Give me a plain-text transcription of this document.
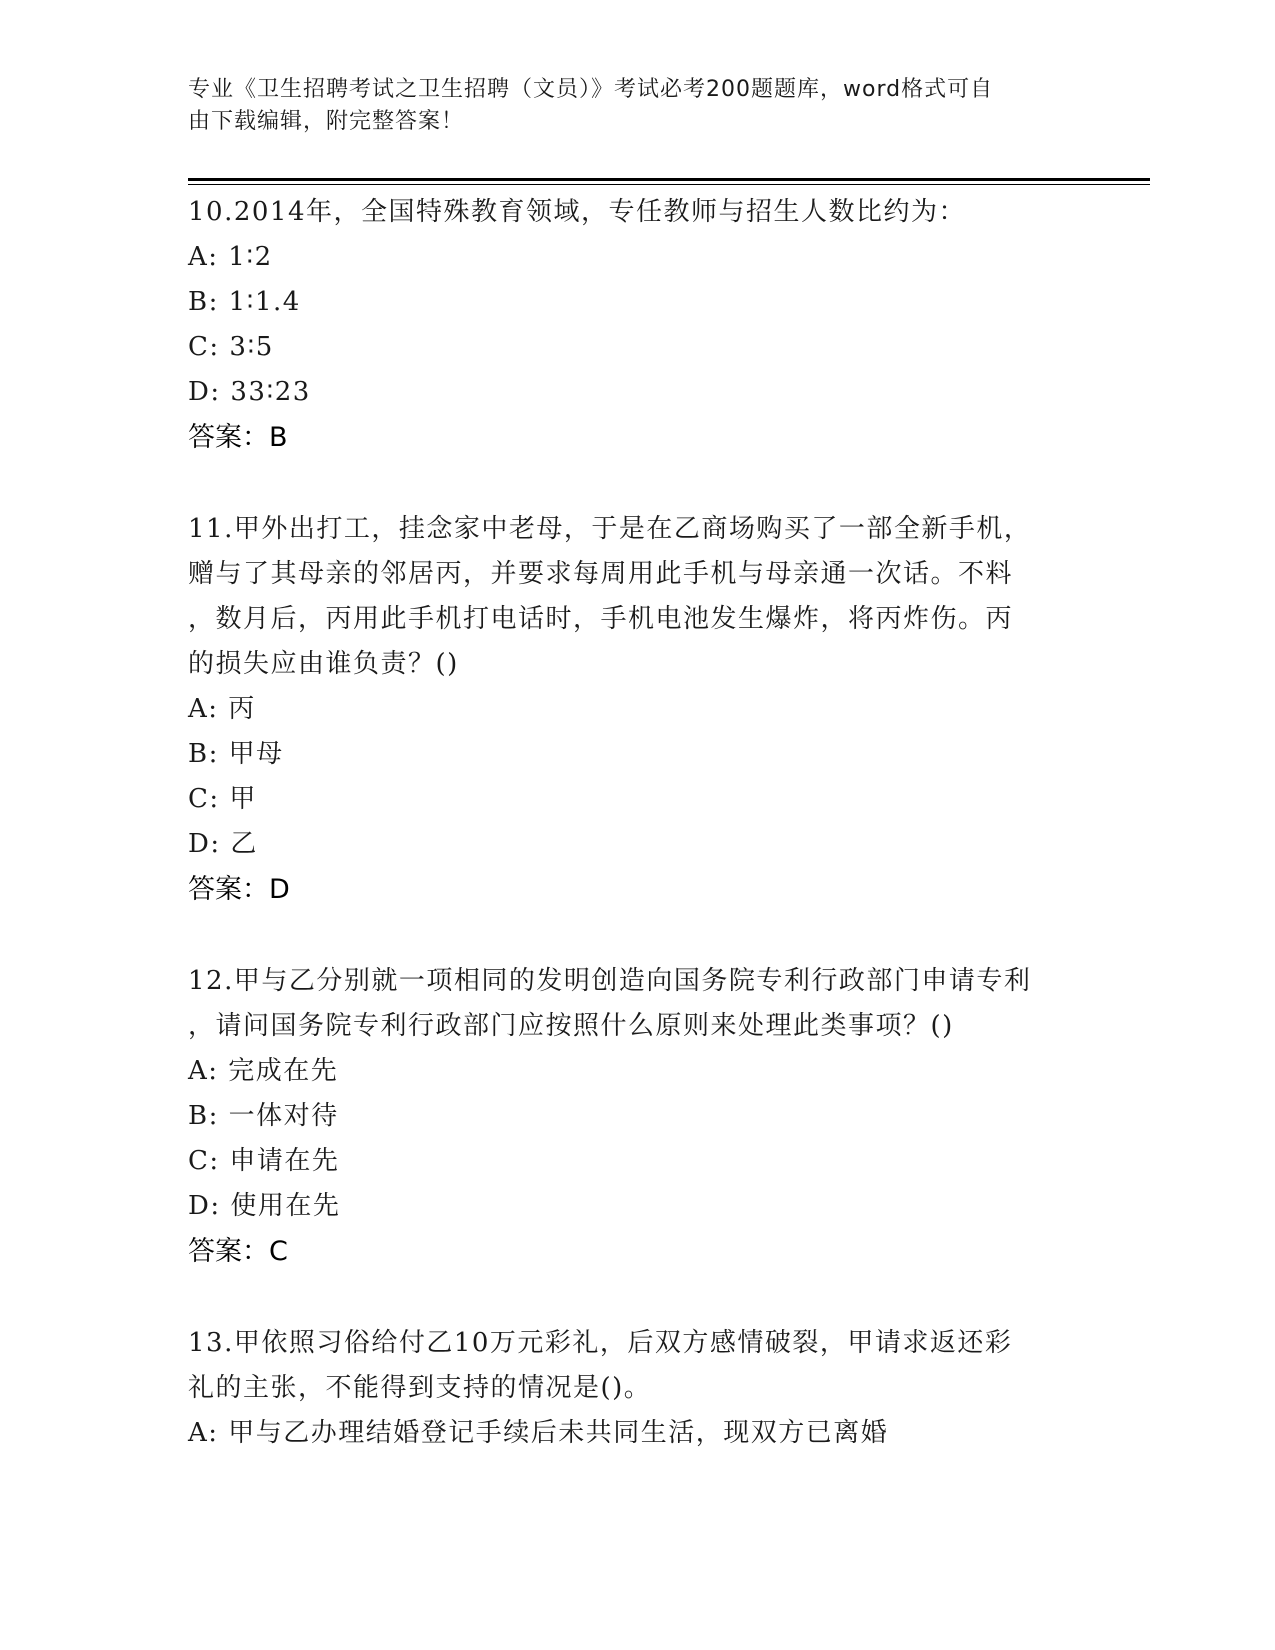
专业《卫生招聘考试之卫生招聘（文员）》考试必考200题题库，word格式可自
由下载编辑，附完整答案！
10.2014年，全国特殊教育领域，专任教师与招生人数比约为：
A: 1∶2
B: 1∶1.4
C: 3∶5
D: 33∶23
答案：B
11.甲外出打工，挂念家中老母，于是在乙商场购买了一部全新手机，
赠与了其母亲的邻居丙，并要求每周用此手机与母亲通一次话。不料
，数月后，丙用此手机打电话时，手机电池发生爆炸，将丙炸伤。丙
的损失应由谁负责？()
A: 丙
B: 甲母
C: 甲
D: 乙
答案：D
12.甲与乙分别就一项相同的发明创造向国务院专利行政部门申请专利
，请问国务院专利行政部门应按照什么原则来处理此类事项？()
A: 完成在先
B: 一体对待
C: 申请在先
D: 使用在先
答案：C
13.甲依照习俗给付乙10万元彩礼，后双方感情破裂，甲请求返还彩
礼的主张，不能得到支持的情况是()。
A: 甲与乙办理结婚登记手续后未共同生活，现双方已离婚
